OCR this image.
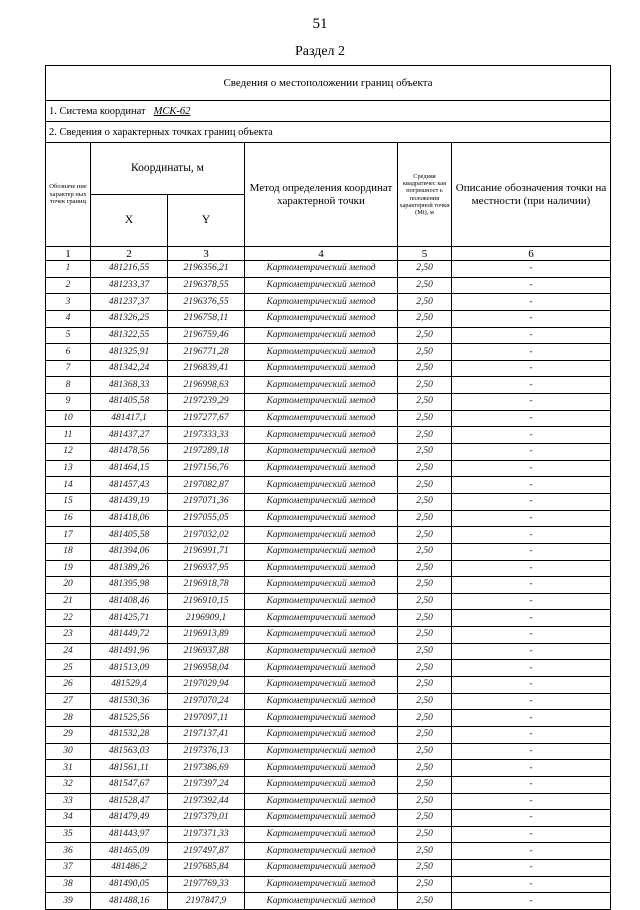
51
Раздел 2
Сведения о местоположении границ объекта					
1. Система координат МСК-62					
2. Сведения о характерных точках границ объекта					
Обозначе ние характер ных точек границ	Координаты, м		Метод определения координат характерной точки	Средняя квадратичес кая погрешност ь положения характерной точки (Mt), м	Описание обозначения точки на местности (при наличии)
	X	Y			
1	2	3	4	5	6
1	481216,55	2196356,21	Картометрический метод	2,50	-
2	481233,37	2196378,55	Картометрический метод	2,50	-
3	481237,37	2196376,55	Картометрический метод	2,50	-
4	481326,25	2196758,11	Картометрический метод	2,50	-
5	481322,55	2196759,46	Картометрический метод	2,50	-
6	481325,91	2196771,28	Картометрический метод	2,50	-
7	481342,24	2196839,41	Картометрический метод	2,50	-
8	481368,33	2196998,63	Картометрический метод	2,50	-
9	481405,58	2197239,29	Картометрический метод	2,50	-
10	481417,1	2197277,67	Картометрический метод	2,50	-
11	481437,27	2197333,33	Картометрический метод	2,50	-
12	481478,56	2197289,18	Картометрический метод	2,50	-
13	481464,15	2197156,76	Картометрический метод	2,50	-
14	481457,43	2197082,87	Картометрический метод	2,50	-
15	481439,19	2197071,36	Картометрический метод	2,50	-
16	481418,06	2197055,05	Картометрический метод	2,50	-
17	481405,58	2197032,02	Картометрический метод	2,50	-
18	481394,06	2196991,71	Картометрический метод	2,50	-
19	481389,26	2196937,95	Картометрический метод	2,50	-
20	481395,98	2196918,78	Картометрический метод	2,50	-
21	481408,46	2196910,15	Картометрический метод	2,50	-
22	481425,71	2196909,1	Картометрический метод	2,50	-
23	481449,72	2196913,89	Картометрический метод	2,50	-
24	481491,96	2196937,88	Картометрический метод	2,50	-
25	481513,09	2196958,04	Картометрический метод	2,50	-
26	481529,4	2197029,94	Картометрический метод	2,50	-
27	481530,36	2197070,24	Картометрический метод	2,50	-
28	481525,56	2197097,11	Картометрический метод	2,50	-
29	481532,28	2197137,41	Картометрический метод	2,50	-
30	481563,03	2197376,13	Картометрический метод	2,50	-
31	481561,11	2197386,69	Картометрический метод	2,50	-
32	481547,67	2197397,24	Картометрический метод	2,50	-
33	481528,47	2197392,44	Картометрический метод	2,50	-
34	481479,49	2197379,01	Картометрический метод	2,50	-
35	481443,97	2197371,33	Картометрический метод	2,50	-
36	481465,09	2197497,87	Картометрический метод	2,50	-
37	481486,2	2197685,84	Картометрический метод	2,50	-
38	481490,05	2197769,33	Картометрический метод	2,50	-
39	481488,16	2197847,9	Картометрический метод	2,50	-
